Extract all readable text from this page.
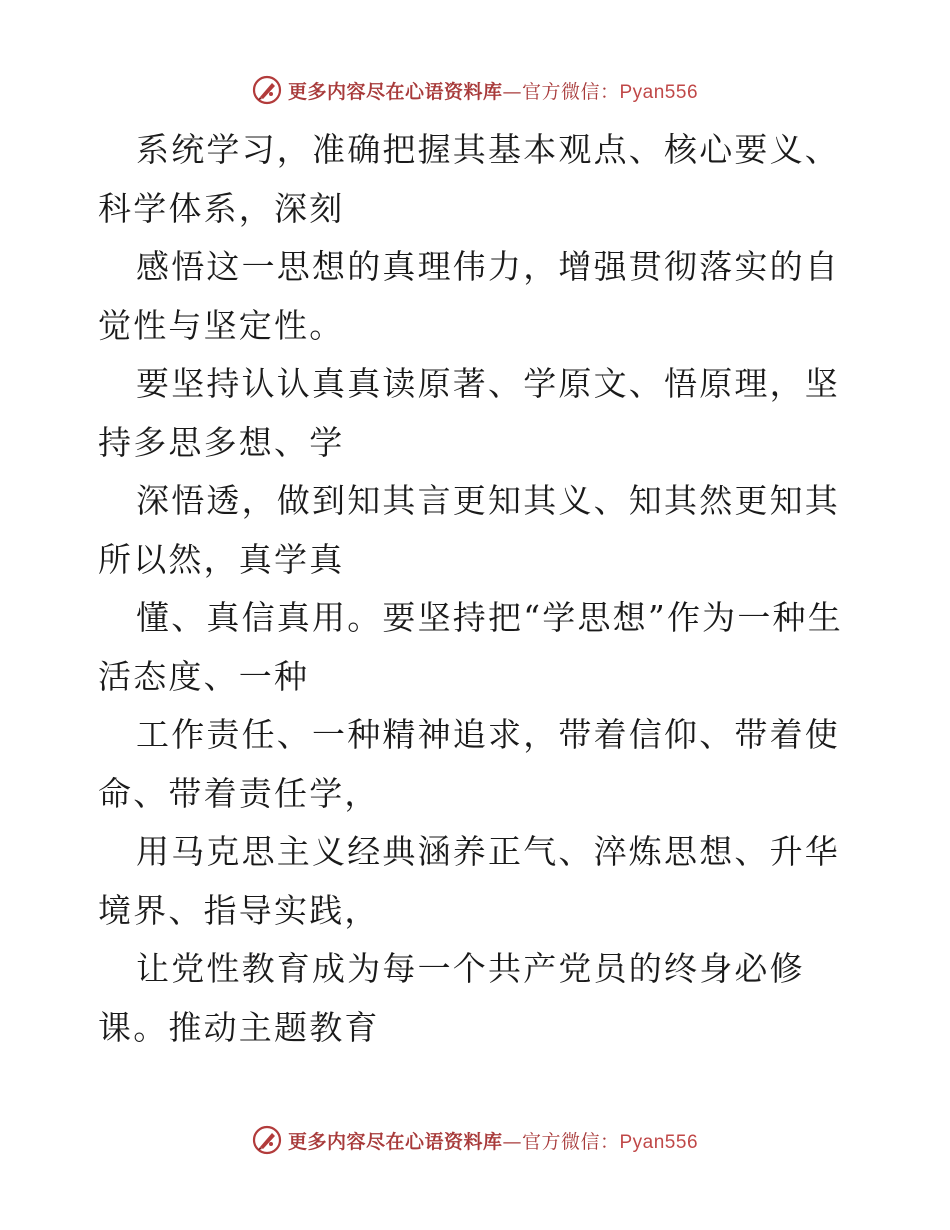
更多内容尽在心语资料库 —官方微信： Pyan556

系统学习，准确把握其基本观点、核心要义、科学体系，深刻

感悟这一思想的真理伟力，增强贯彻落实的自觉性与坚定性。

要坚持认认真真读原著、学原文、悟原理，坚持多思多想、学

深悟透，做到知其言更知其义、知其然更知其所以然，真学真

懂、真信真用。要坚持把“学思想”作为一种生活态度、一种

工作责任、一种精神追求，带着信仰、带着使命、带着责任学，

用马克思主义经典涵养正气、淬炼思想、升华境界、指导实践，

让党性教育成为每一个共产党员的终身必修课。推动主题教育

更多内容尽在心语资料库 —官方微信： Pyan556
